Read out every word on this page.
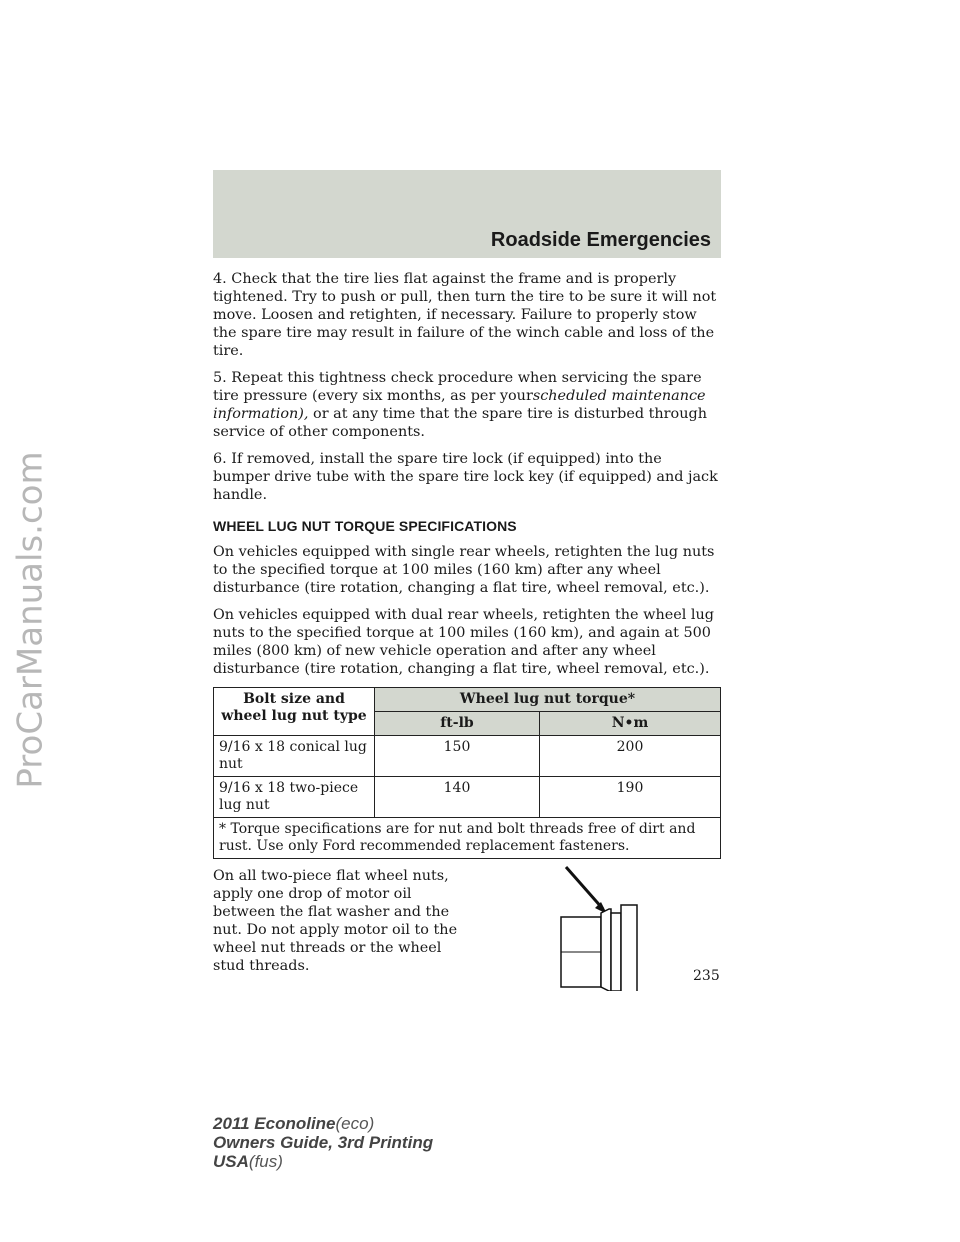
ProCarManuals.com
Roadside Emergencies

4. Check that the tire lies flat against the frame and is properly tightened. Try to push or pull, then turn the tire to be sure it will not move. Loosen and retighten, if necessary. Failure to properly stow the spare tire may result in failure of the winch cable and loss of the tire.

5. Repeat this tightness check procedure when servicing the spare tire pressure (every six months, as per yourscheduled maintenance information), or at any time that the spare tire is disturbed through service of other components.

6. If removed, install the spare tire lock (if equipped) into the bumper drive tube with the spare tire lock key (if equipped) and jack handle.

WHEEL LUG NUT TORQUE SPECIFICATIONS

On vehicles equipped with single rear wheels, retighten the lug nuts to the specified torque at 100 miles (160 km) after any wheel disturbance (tire rotation, changing a flat tire, wheel removal, etc.).

On vehicles equipped with dual rear wheels, retighten the wheel lug nuts to the specified torque at 100 miles (160 km), and again at 500 miles (800 km) of new vehicle operation and after any wheel disturbance (tire rotation, changing a flat tire, wheel removal, etc.).

Bolt size and wheel lug nut type	Wheel lug nut torque*	
	ft-lb	N•m
9/16 x 18 conical lug nut	150	200
9/16 x 18 two-piece lug nut	140	190
* Torque specifications are for nut and bolt threads free of dirt and rust. Use only Ford recommended replacement fasteners.		

On all two-piece flat wheel nuts, apply one drop of motor oil between the flat washer and the nut. Do not apply motor oil to the wheel nut threads or the wheel stud threads.

235
2011 Econoline(eco)
Owners Guide, 3rd Printing
USA(fus)
